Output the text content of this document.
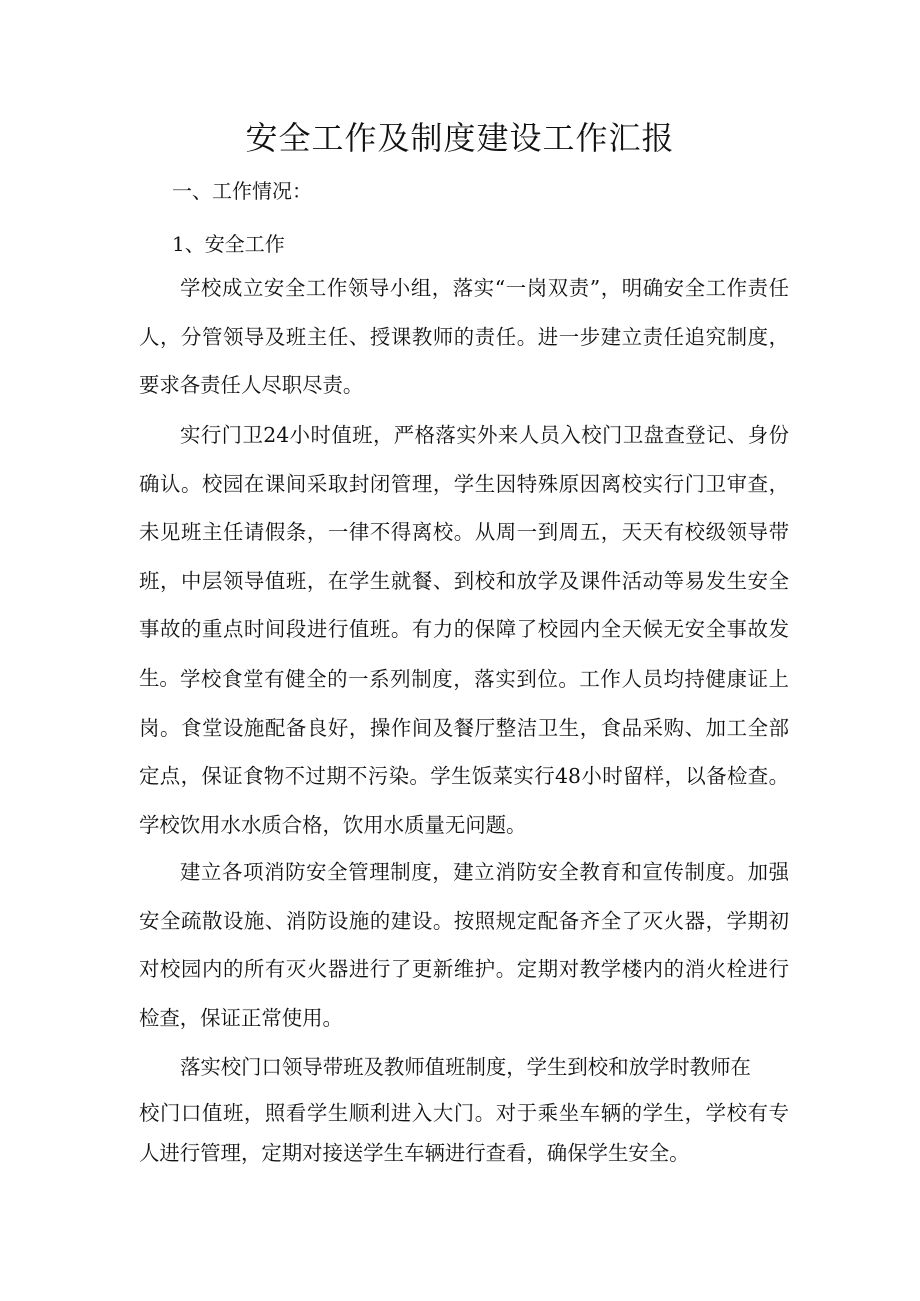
安全工作及制度建设工作汇报

一、工作情况：

1、安全工作

学校成立安全工作领导小组，落实“一岗双责”，明确安全工作责任人，分管领导及班主任、授课教师的责任。进一步建立责任追究制度，要求各责任人尽职尽责。

实行门卫24小时值班，严格落实外来人员入校门卫盘查登记、身份确认。校园在课间采取封闭管理，学生因特殊原因离校实行门卫审查，未见班主任请假条，一律不得离校。从周一到周五，天天有校级领导带班，中层领导值班，在学生就餐、到校和放学及课件活动等易发生安全事故的重点时间段进行值班。有力的保障了校园内全天候无安全事故发生。 学校食堂有健全的一系列制度，落实到位。工作人员均持健康证上岗。食堂设施配备良好，操作间及餐厅整洁卫生，食品采购、加工全部定点，保证食物不过期不污染。学生饭菜实行48小时留样，以备检查。学校饮用水水质合格，饮用水质量无问题。

建立各项消防安全管理制度，建立消防安全教育和宣传制度。加强安全疏散设施、消防设施的建设。按照规定配备齐全了灭火器，学期初对校园内的所有灭火器进行了更新维护。定期对教学楼内的消火栓进行检查，保证正常使用。

落实校门口领导带班及教师值班制度，学生到校和放学时教师在

校门口值班，照看学生顺利进入大门。对于乘坐车辆的学生，学校有专人进行管理，定期对接送学生车辆进行查看，确保学生安全。
